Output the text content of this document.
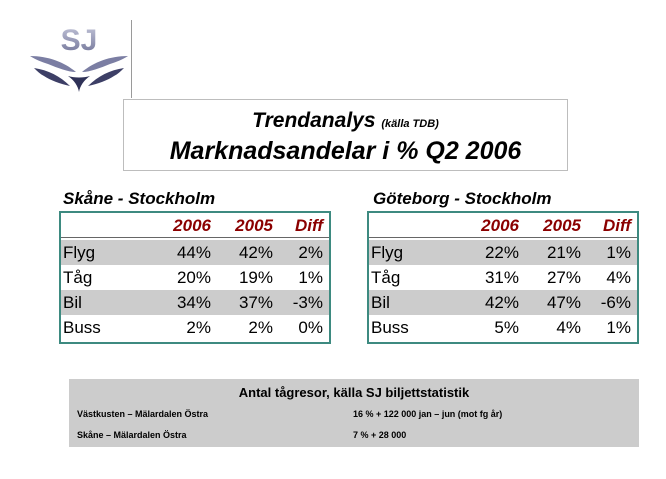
SJ
Trendanalys (källa TDB)
Marknadsandelar i % Q2 2006
Skåne - Stockholm
2006 2005 Diff
Flyg	44% 42% 2%
Tåg	20% 19% 1%
Bil	34% 37% -3%
Buss	2% 2% 0%
Göteborg - Stockholm
2006 2005 Diff
Flyg	22% 21% 1%
Tåg	31% 27% 4%
Bil	42% 47% -6%
Buss	5% 4% 1%
Antal tågresor, källa SJ biljettstatistik
Västkusten – Mälardalen Östra	16 % + 122 000 jan – jun (mot fg år)
Skåne – Mälardalen Östra	7 % + 28 000
